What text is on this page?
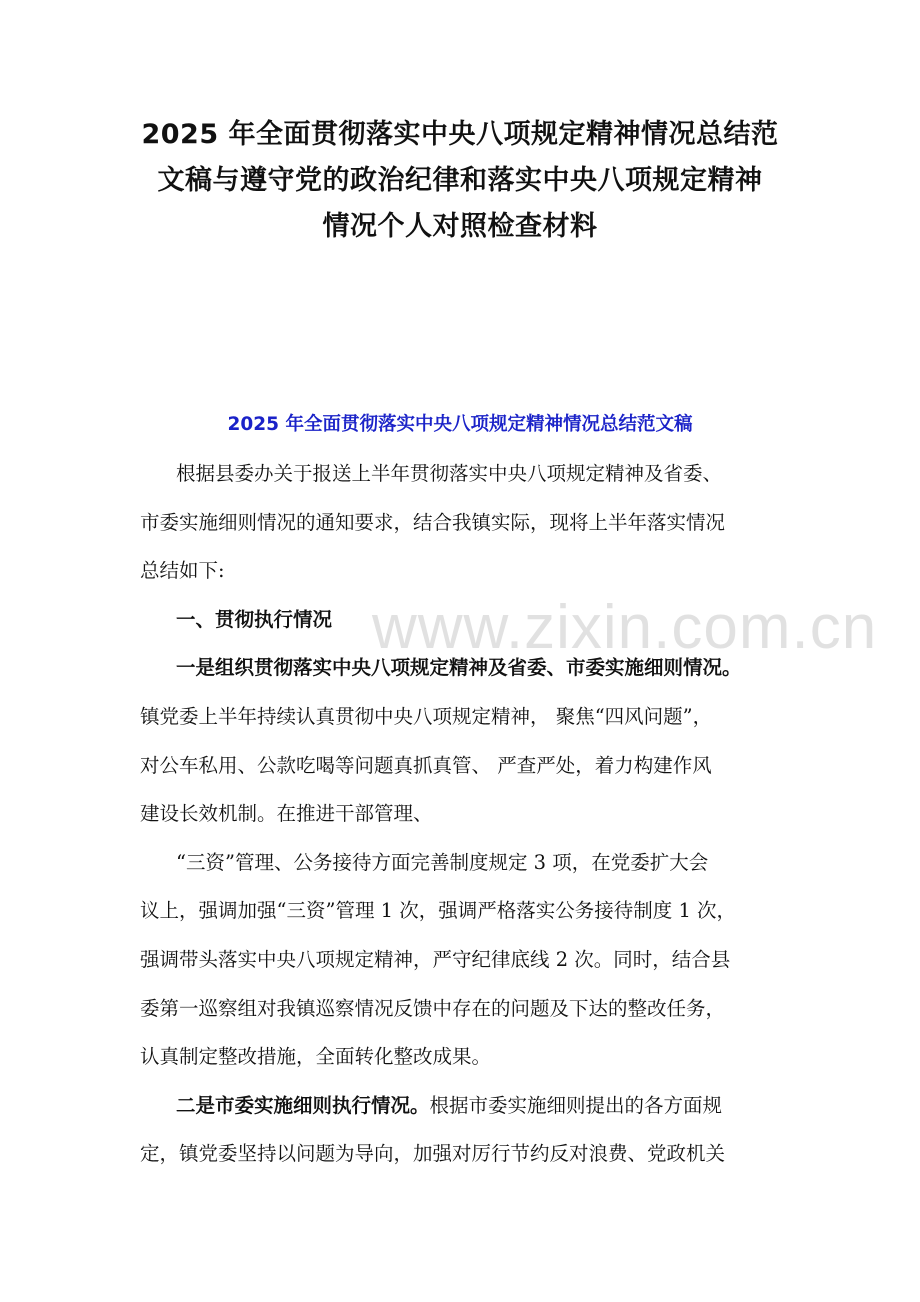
2025 年全面贯彻落实中央八项规定精神情况总结范
文稿与遵守党的政治纪律和落实中央八项规定精神
情况个人对照检查材料
2025 年全面贯彻落实中央八项规定精神情况总结范文稿
www.zixin.com.cn
根据县委办关于报送上半年贯彻落实中央八项规定精神及省委、
市委实施细则情况的通知要求，结合我镇实际，现将上半年落实情况
总结如下:
一、贯彻执行情况
一是组织贯彻落实中央八项规定精神及省委、市委实施细则情况。
镇党委上半年持续认真贯彻中央八项规定精神， 聚焦“四风问题”，
对公车私用、公款吃喝等问题真抓真管、 严查严处，着力构建作风
建设长效机制。在推进干部管理、
“三资”管理、公务接待方面完善制度规定 3 项，在党委扩大会
议上，强调加强“三资”管理 1 次，强调严格落实公务接待制度 1 次，
强调带头落实中央八项规定精神，严守纪律底线 2 次。同时，结合县
委第一巡察组对我镇巡察情况反馈中存在的问题及下达的整改任务，
认真制定整改措施，全面转化整改成果。
二是市委实施细则执行情况。根据市委实施细则提出的各方面规
定，镇党委坚持以问题为导向，加强对厉行节约反对浪费、党政机关
